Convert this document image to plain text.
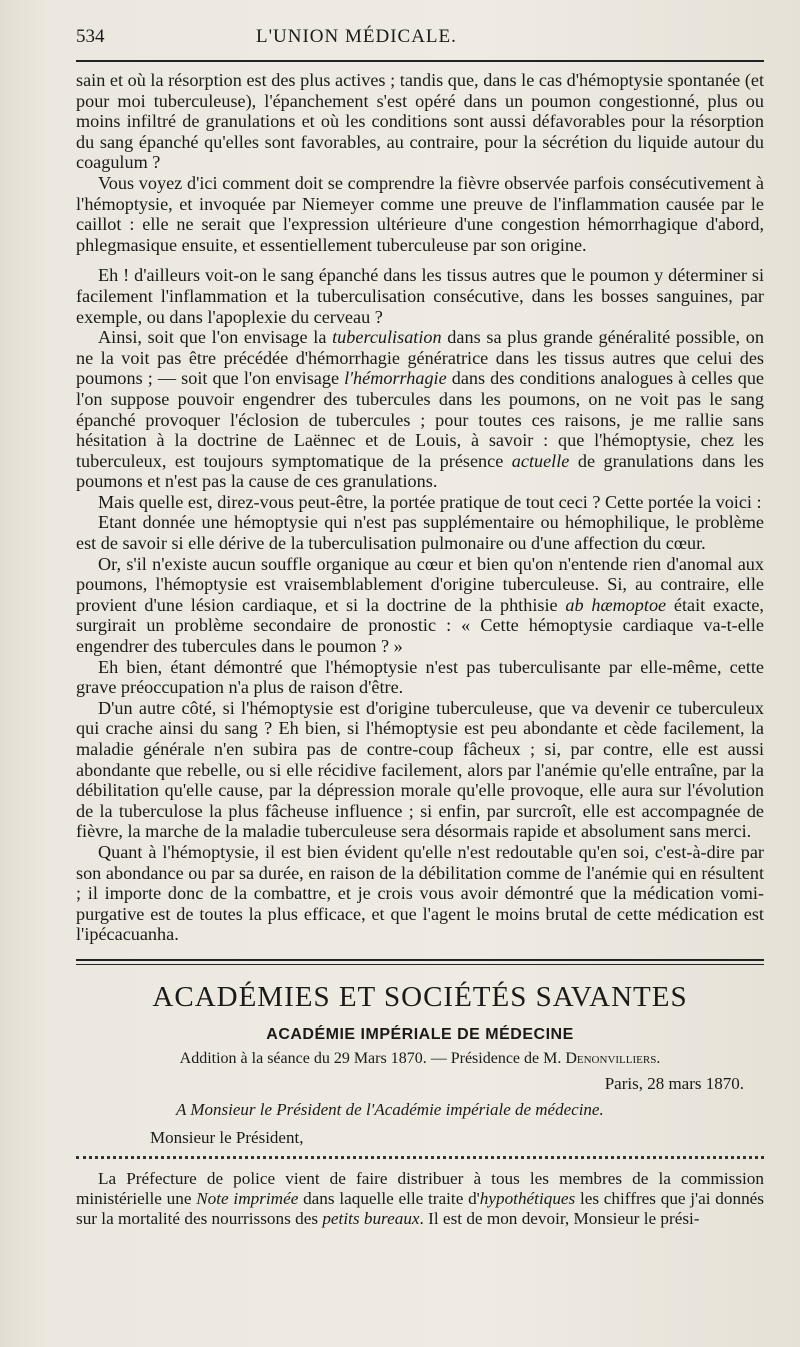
534	L'UNION MÉDICALE.

sain et où la résorption est des plus actives ; tandis que, dans le cas d'hémoptysie spontanée (et pour moi tuberculeuse), l'épanchement s'est opéré dans un poumon congestionné, plus ou moins infiltré de granulations et où les conditions sont aussi défavorables pour la résorption du sang épanché qu'elles sont favorables, au contraire, pour la sécrétion du liquide autour du coagulum ?

Vous voyez d'ici comment doit se comprendre la fièvre observée parfois consécutivement à l'hémoptysie, et invoquée par Niemeyer comme une preuve de l'inflammation causée par le caillot : elle ne serait que l'expression ultérieure d'une congestion hémorrhagique d'abord, phlegmasique ensuite, et essentiellement tuberculeuse par son origine.

Eh ! d'ailleurs voit-on le sang épanché dans les tissus autres que le poumon y déterminer si facilement l'inflammation et la tuberculisation consécutive, dans les bosses sanguines, par exemple, ou dans l'apoplexie du cerveau ?

Ainsi, soit que l'on envisage la tuberculisation dans sa plus grande généralité possible, on ne la voit pas être précédée d'hémorrhagie génératrice dans les tissus autres que celui des poumons ; — soit que l'on envisage l'hémorrhagie dans des conditions analogues à celles que l'on suppose pouvoir engendrer des tubercules dans les poumons, on ne voit pas le sang épanché provoquer l'éclosion de tubercules ; pour toutes ces raisons, je me rallie sans hésitation à la doctrine de Laënnec et de Louis, à savoir : que l'hémoptysie, chez les tuberculeux, est toujours symptomatique de la présence actuelle de granulations dans les poumons et n'est pas la cause de ces granulations.

Mais quelle est, direz-vous peut-être, la portée pratique de tout ceci ? Cette portée la voici :

Etant donnée une hémoptysie qui n'est pas supplémentaire ou hémophilique, le problème est de savoir si elle dérive de la tuberculisation pulmonaire ou d'une affection du cœur.

Or, s'il n'existe aucun souffle organique au cœur et bien qu'on n'entende rien d'anomal aux poumons, l'hémoptysie est vraisemblablement d'origine tuberculeuse. Si, au contraire, elle provient d'une lésion cardiaque, et si la doctrine de la phthisie ab hæmoptoe était exacte, surgirait un problème secondaire de pronostic : « Cette hémoptysie cardiaque va-t-elle engendrer des tubercules dans le poumon ? »

Eh bien, étant démontré que l'hémoptysie n'est pas tuberculisante par elle-même, cette grave préoccupation n'a plus de raison d'être.

D'un autre côté, si l'hémoptysie est d'origine tuberculeuse, que va devenir ce tuberculeux qui crache ainsi du sang ? Eh bien, si l'hémoptysie est peu abondante et cède facilement, la maladie générale n'en subira pas de contre-coup fâcheux ; si, par contre, elle est aussi abondante que rebelle, ou si elle récidive facilement, alors par l'anémie qu'elle entraîne, par la débilitation qu'elle cause, par la dépression morale qu'elle provoque, elle aura sur l'évolution de la tuberculose la plus fâcheuse influence ; si enfin, par surcroît, elle est accompagnée de fièvre, la marche de la maladie tuberculeuse sera désormais rapide et absolument sans merci.

Quant à l'hémoptysie, il est bien évident qu'elle n'est redoutable qu'en soi, c'est-à-dire par son abondance ou par sa durée, en raison de la débilitation comme de l'anémie qui en résultent ; il importe donc de la combattre, et je crois vous avoir démontré que la médication vomi-purgative est de toutes la plus efficace, et que l'agent le moins brutal de cette médication est l'ipécacuanha.

ACADÉMIES ET SOCIÉTÉS SAVANTES
ACADÉMIE IMPÉRIALE DE MÉDECINE
Addition à la séance du 29 Mars 1870. — Présidence de M. Denonvilliers.
Paris, 28 mars 1870.
A Monsieur le Président de l'Académie impériale de médecine.
Monsieur le Président,

La Préfecture de police vient de faire distribuer à tous les membres de la commission ministérielle une Note imprimée dans laquelle elle traite d'hypothétiques les chiffres que j'ai donnés sur la mortalité des nourrissons des petits bureaux. Il est de mon devoir, Monsieur le prési-
